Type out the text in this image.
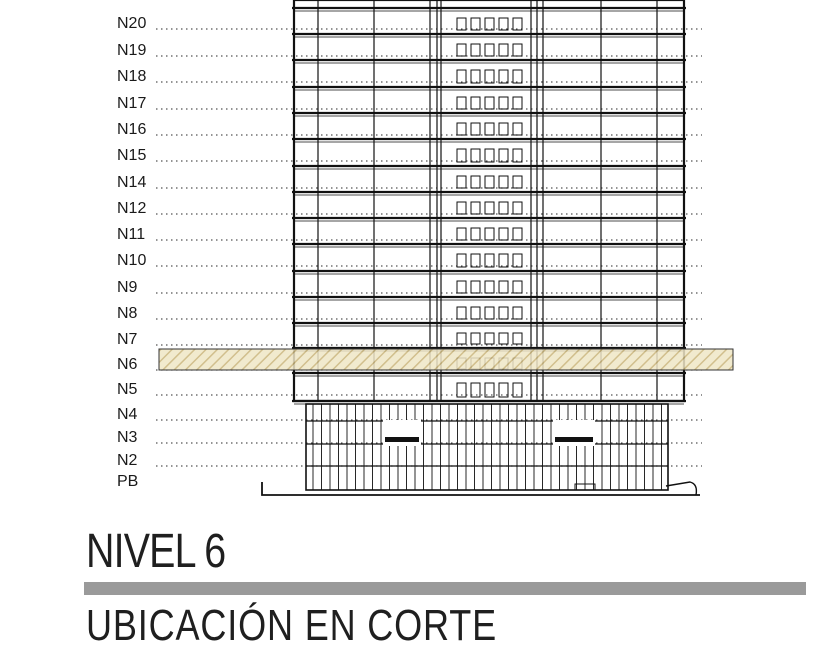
N20
N19
N18
N17
N16
N15
N14
N12
N11
N10
N9
N8
N7
N6
N5
N4
N3
N2
PB
NIVEL 6
UBICACIÓN EN CORTE
